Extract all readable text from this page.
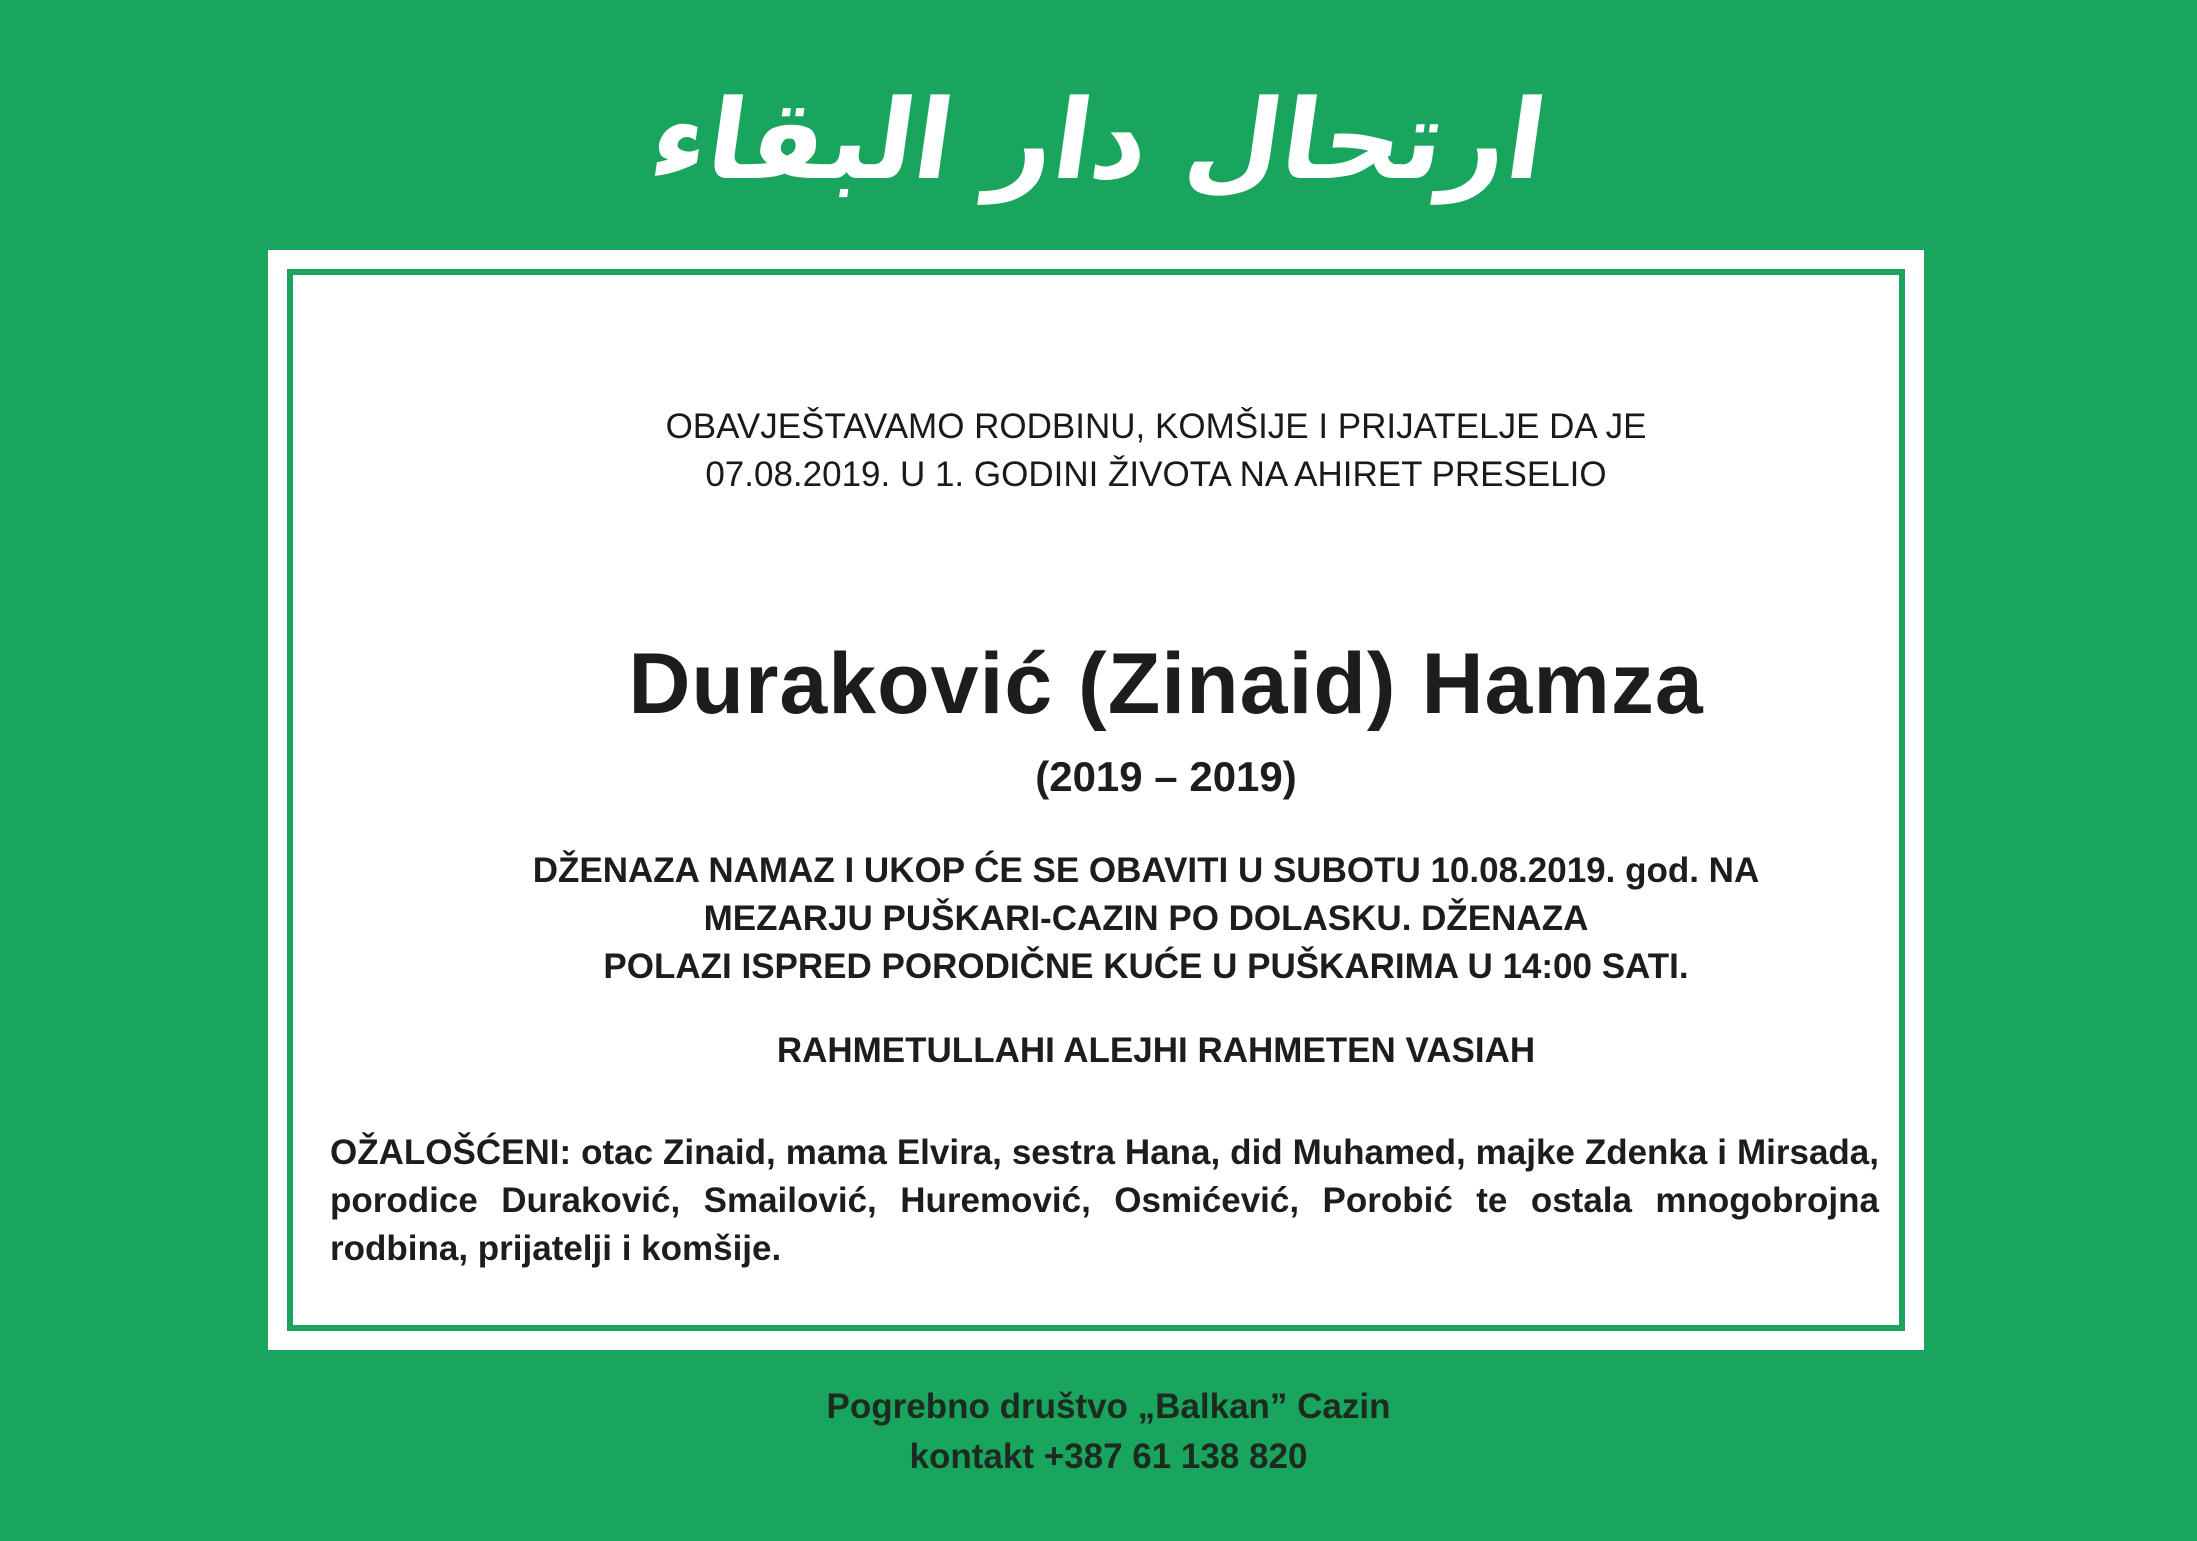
ارتحال دار البقاء
OBAVJEŠTAVAMO RODBINU, KOMŠIJE I PRIJATELJE DA JE
07.08.2019. U 1. GODINI ŽIVOTA NA AHIRET PRESELIO
Duraković (Zinaid) Hamza
(2019 – 2019)
DŽENAZA NAMAZ I UKOP ĆE SE OBAVITI U SUBOTU 10.08.2019. god. NA
MEZARJU PUŠKARI-CAZIN PO DOLASKU. DŽENAZA
POLAZI ISPRED PORODIČNE KUĆE U PUŠKARIMA U 14:00 SATI.
RAHMETULLAHI ALEJHI RAHMETEN VASIAH
OŽALOŠĆENI: otac Zinaid, mama Elvira, sestra Hana, did Muhamed, majke Zdenka i Mirsada, porodice Duraković, Smailović, Huremović, Osmićević, Porobić te ostala mnogobrojna rodbina, prijatelji i komšije.
Pogrebno društvo „Balkan” Cazin
kontakt +387 61 138 820
